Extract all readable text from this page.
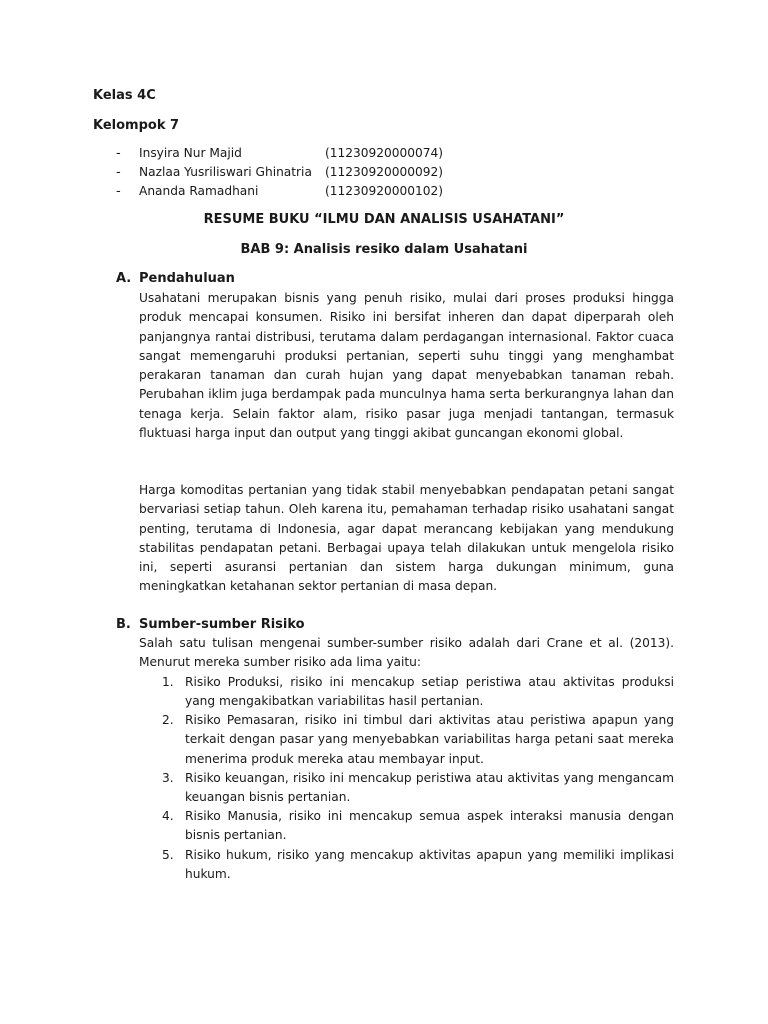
Kelas 4C
Kelompok 7
- Insyira Nur Majid	(11230920000074)
- Nazlaa Yusriliswari Ghinatria (11230920000092)
- Ananda Ramadhani	(11230920000102)
RESUME BUKU “ILMU DAN ANALISIS USAHATANI”
BAB 9: Analisis resiko dalam Usahatani
A. Pendahuluan

Usahatani merupakan bisnis yang penuh risiko, mulai dari proses produksi hingga produk mencapai konsumen. Risiko ini bersifat inheren dan dapat diperparah oleh panjangnya rantai distribusi, terutama dalam perdagangan internasional. Faktor cuaca sangat memengaruhi produksi pertanian, seperti suhu tinggi yang menghambat perakaran tanaman dan curah hujan yang dapat menyebabkan tanaman rebah. Perubahan iklim juga berdampak pada munculnya hama serta berkurangnya lahan dan tenaga kerja. Selain faktor alam, risiko pasar juga menjadi tantangan, termasuk fluktuasi harga input dan output yang tinggi akibat guncangan ekonomi global.

Harga komoditas pertanian yang tidak stabil menyebabkan pendapatan petani sangat bervariasi setiap tahun. Oleh karena itu, pemahaman terhadap risiko usahatani sangat penting, terutama di Indonesia, agar dapat merancang kebijakan yang mendukung stabilitas pendapatan petani. Berbagai upaya telah dilakukan untuk mengelola risiko ini, seperti asuransi pertanian dan sistem harga dukungan minimum, guna meningkatkan ketahanan sektor pertanian di masa depan.

B. Sumber-sumber Risiko

Salah satu tulisan mengenai sumber-sumber risiko adalah dari Crane et al. (2013). Menurut mereka sumber risiko ada lima yaitu:

1. Risiko Produksi, risiko ini mencakup setiap peristiwa atau aktivitas produksi yang mengakibatkan variabilitas hasil pertanian.

2. Risiko Pemasaran, risiko ini timbul dari aktivitas atau peristiwa apapun yang terkait dengan pasar yang menyebabkan variabilitas harga petani saat mereka menerima produk mereka atau membayar input.

3. Risiko keuangan, risiko ini mencakup peristiwa atau aktivitas yang mengancam keuangan bisnis pertanian.

4. Risiko Manusia, risiko ini mencakup semua aspek interaksi manusia dengan bisnis pertanian.

5. Risiko hukum, risiko yang mencakup aktivitas apapun yang memiliki implikasi hukum.
